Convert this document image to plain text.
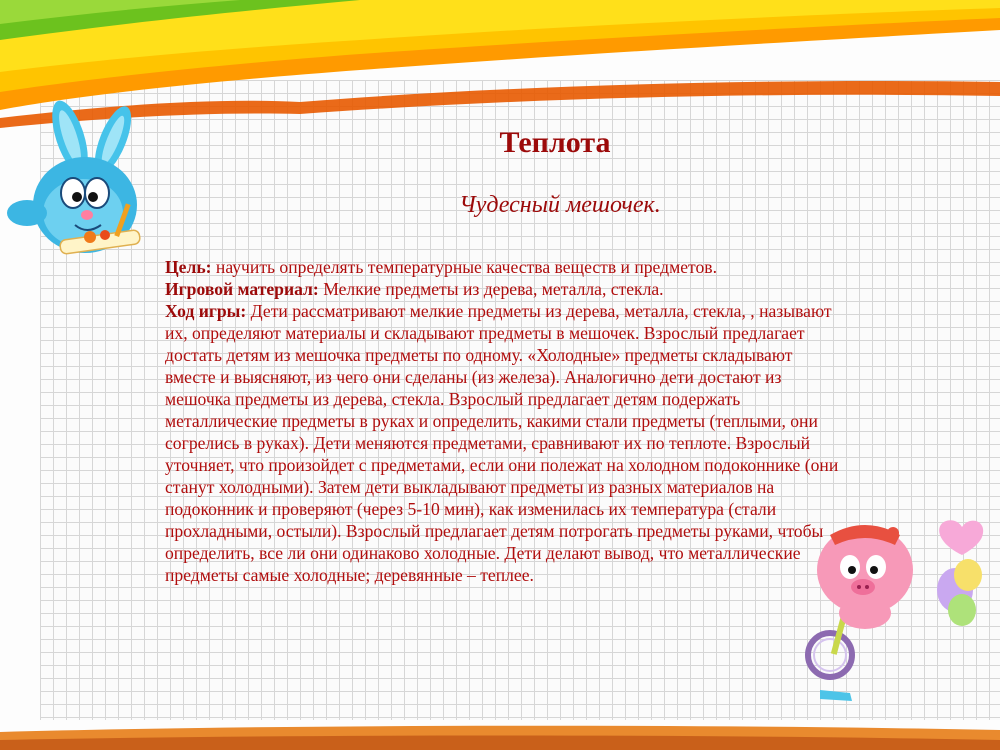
Теплота
Чудесный мешочек.

Цель: научить определять температурные качества веществ и предметов.

Игровой материал: Мелкие предметы из дерева, металла, стекла.

Ход игры: Дети рассматривают мелкие предметы из дерева, металла, стекла, , называют их, определяют материалы и складывают предметы в мешочек. Взрослый предлагает достать детям из мешочка предметы по одному. «Холодные» предметы складывают вместе и выясняют, из чего они сделаны (из железа). Аналогично дети достают из мешочка предметы из дерева, стекла. Взрослый предлагает детям подержать металлические предметы в руках и определить, какими стали предметы (теплыми, они согрелись в руках). Дети меняются предметами, сравнивают их по теплоте. Взрослый уточняет, что произойдет с предметами, если они полежат на холодном подоконнике (они станут холодными). Затем дети выкладывают предметы из разных материалов на подоконник и проверяют (через 5-10 мин), как изменилась их температура (стали прохладными, остыли). Взрослый предлагает детям потрогать предметы руками, чтобы определить, все ли они одинаково холодные. Дети делают вывод, что металлические предметы самые холодные; деревянные – теплее.
